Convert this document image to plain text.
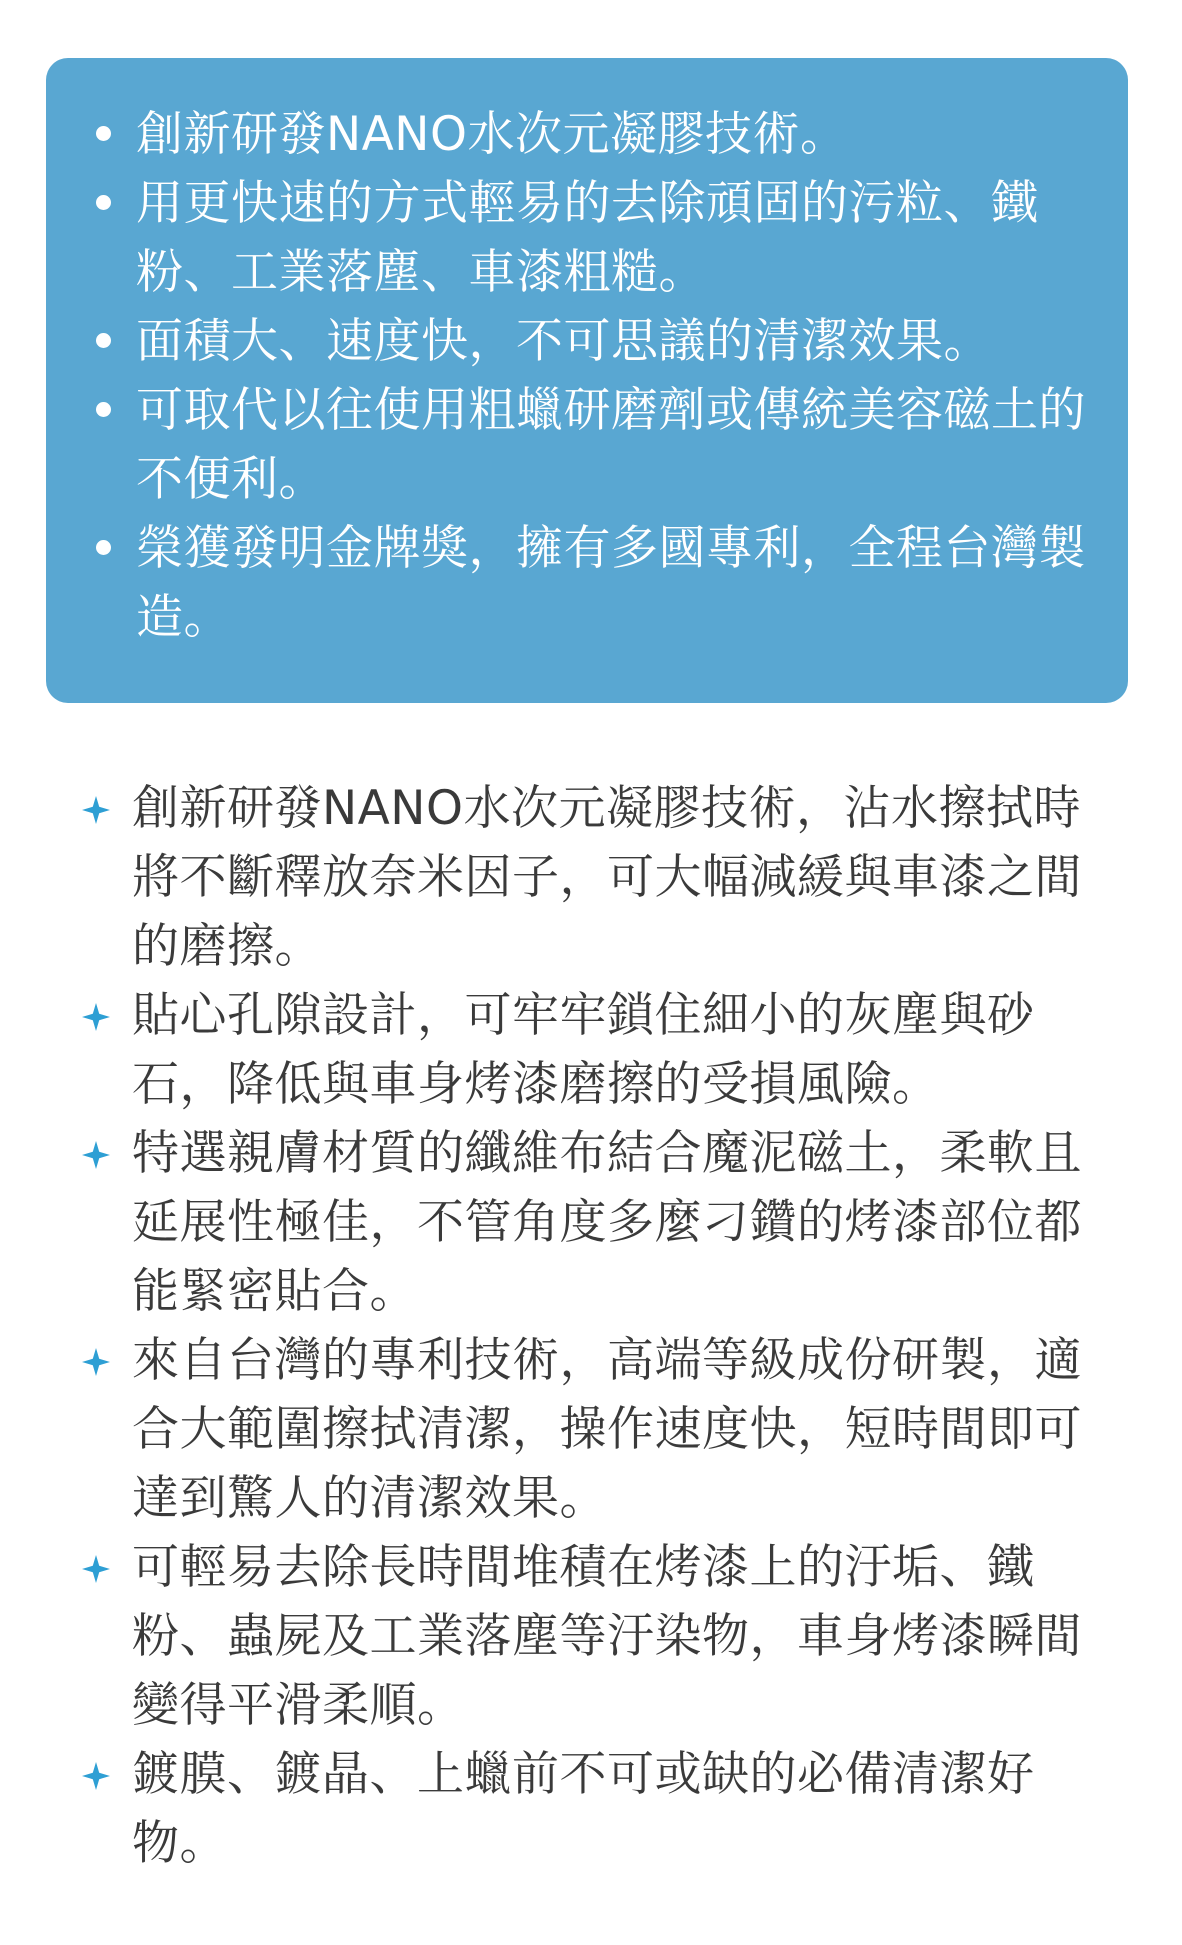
創新研發NANO水次元凝膠技術。
用更快速的方式輕易的去除頑固的污粒、鐵粉、工業落塵、車漆粗糙。
面積大、速度快，不可思議的清潔效果。
可取代以往使用粗蠟研磨劑或傳統美容磁土的不便利。
榮獲發明金牌獎，擁有多國專利，全程台灣製造。
創新研發NANO水次元凝膠技術，沾水擦拭時將不斷釋放奈米因子，可大幅減緩與車漆之間的磨擦。
貼心孔隙設計，可牢牢鎖住細小的灰塵與砂石，降低與車身烤漆磨擦的受損風險。
特選親膚材質的纖維布結合魔泥磁土，柔軟且延展性極佳，不管角度多麼刁鑽的烤漆部位都能緊密貼合。
來自台灣的專利技術，高端等級成份研製，適合大範圍擦拭清潔，操作速度快，短時間即可達到驚人的清潔效果。
可輕易去除長時間堆積在烤漆上的汙垢、鐵粉、蟲屍及工業落塵等汙染物，車身烤漆瞬間變得平滑柔順。
鍍膜、鍍晶、上蠟前不可或缺的必備清潔好物。
